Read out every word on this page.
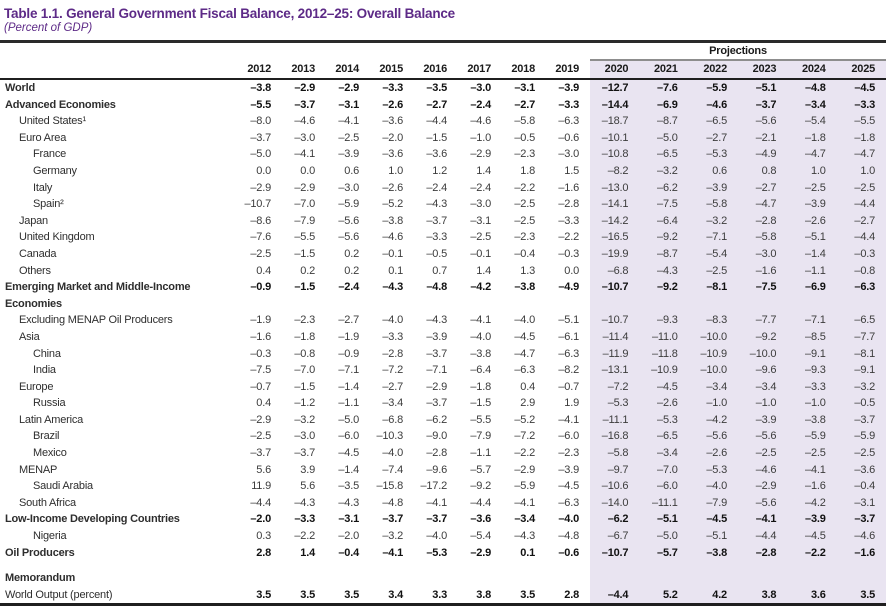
Table 1.1. General Government Fiscal Balance, 2012–25: Overall Balance
(Percent of GDP)
									Projections					
	2012	2013	2014	2015	2016	2017	2018	2019	2020	2021	2022	2023	2024	2025
World	–3.8	–2.9	–2.9	–3.3	–3.5	–3.0	–3.1	–3.9	–12.7	–7.6	–5.9	–5.1	–4.8	–4.5
Advanced Economies	–5.5	–3.7	–3.1	–2.6	–2.7	–2.4	–2.7	–3.3	–14.4	–6.9	–4.6	–3.7	–3.4	–3.3
United States¹	–8.0	–4.6	–4.1	–3.6	–4.4	–4.6	–5.8	–6.3	–18.7	–8.7	–6.5	–5.6	–5.4	–5.5
Euro Area	–3.7	–3.0	–2.5	–2.0	–1.5	–1.0	–0.5	–0.6	–10.1	–5.0	–2.7	–2.1	–1.8	–1.8
France	–5.0	–4.1	–3.9	–3.6	–3.6	–2.9	–2.3	–3.0	–10.8	–6.5	–5.3	–4.9	–4.7	–4.7
Germany	0.0	0.0	0.6	1.0	1.2	1.4	1.8	1.5	–8.2	–3.2	0.6	0.8	1.0	1.0
Italy	–2.9	–2.9	–3.0	–2.6	–2.4	–2.4	–2.2	–1.6	–13.0	–6.2	–3.9	–2.7	–2.5	–2.5
Spain²	–10.7	–7.0	–5.9	–5.2	–4.3	–3.0	–2.5	–2.8	–14.1	–7.5	–5.8	–4.7	–3.9	–4.4
Japan	–8.6	–7.9	–5.6	–3.8	–3.7	–3.1	–2.5	–3.3	–14.2	–6.4	–3.2	–2.8	–2.6	–2.7
United Kingdom	–7.6	–5.5	–5.6	–4.6	–3.3	–2.5	–2.3	–2.2	–16.5	–9.2	–7.1	–5.8	–5.1	–4.4
Canada	–2.5	–1.5	0.2	–0.1	–0.5	–0.1	–0.4	–0.3	–19.9	–8.7	–5.4	–3.0	–1.4	–0.3
Others	0.4	0.2	0.2	0.1	0.7	1.4	1.3	0.0	–6.8	–4.3	–2.5	–1.6	–1.1	–0.8
Emerging Market and Middle-Income	–0.9	–1.5	–2.4	–4.3	–4.8	–4.2	–3.8	–4.9	–10.7	–9.2	–8.1	–7.5	–6.9	–6.3
Economies														
Excluding MENAP Oil Producers	–1.9	–2.3	–2.7	–4.0	–4.3	–4.1	–4.0	–5.1	–10.7	–9.3	–8.3	–7.7	–7.1	–6.5
Asia	–1.6	–1.8	–1.9	–3.3	–3.9	–4.0	–4.5	–6.1	–11.4	–11.0	–10.0	–9.2	–8.5	–7.7
China	–0.3	–0.8	–0.9	–2.8	–3.7	–3.8	–4.7	–6.3	–11.9	–11.8	–10.9	–10.0	–9.1	–8.1
India	–7.5	–7.0	–7.1	–7.2	–7.1	–6.4	–6.3	–8.2	–13.1	–10.9	–10.0	–9.6	–9.3	–9.1
Europe	–0.7	–1.5	–1.4	–2.7	–2.9	–1.8	0.4	–0.7	–7.2	–4.5	–3.4	–3.4	–3.3	–3.2
Russia	0.4	–1.2	–1.1	–3.4	–3.7	–1.5	2.9	1.9	–5.3	–2.6	–1.0	–1.0	–1.0	–0.5
Latin America	–2.9	–3.2	–5.0	–6.8	–6.2	–5.5	–5.2	–4.1	–11.1	–5.3	–4.2	–3.9	–3.8	–3.7
Brazil	–2.5	–3.0	–6.0	–10.3	–9.0	–7.9	–7.2	–6.0	–16.8	–6.5	–5.6	–5.6	–5.9	–5.9
Mexico	–3.7	–3.7	–4.5	–4.0	–2.8	–1.1	–2.2	–2.3	–5.8	–3.4	–2.6	–2.5	–2.5	–2.5
MENAP	5.6	3.9	–1.4	–7.4	–9.6	–5.7	–2.9	–3.9	–9.7	–7.0	–5.3	–4.6	–4.1	–3.6
Saudi Arabia	11.9	5.6	–3.5	–15.8	–17.2	–9.2	–5.9	–4.5	–10.6	–6.0	–4.0	–2.9	–1.6	–0.4
South Africa	–4.4	–4.3	–4.3	–4.8	–4.1	–4.4	–4.1	–6.3	–14.0	–11.1	–7.9	–5.6	–4.2	–3.1
Low-Income Developing Countries	–2.0	–3.3	–3.1	–3.7	–3.7	–3.6	–3.4	–4.0	–6.2	–5.1	–4.5	–4.1	–3.9	–3.7
Nigeria	0.3	–2.2	–2.0	–3.2	–4.0	–5.4	–4.3	–4.8	–6.7	–5.0	–5.1	–4.4	–4.5	–4.6
Oil Producers	2.8	1.4	–0.4	–4.1	–5.3	–2.9	0.1	–0.6	–10.7	–5.7	–3.8	–2.8	–2.2	–1.6

Memorandum														
World Output (percent)	3.5	3.5	3.5	3.4	3.3	3.8	3.5	2.8	–4.4	5.2	4.2	3.8	3.6	3.5
